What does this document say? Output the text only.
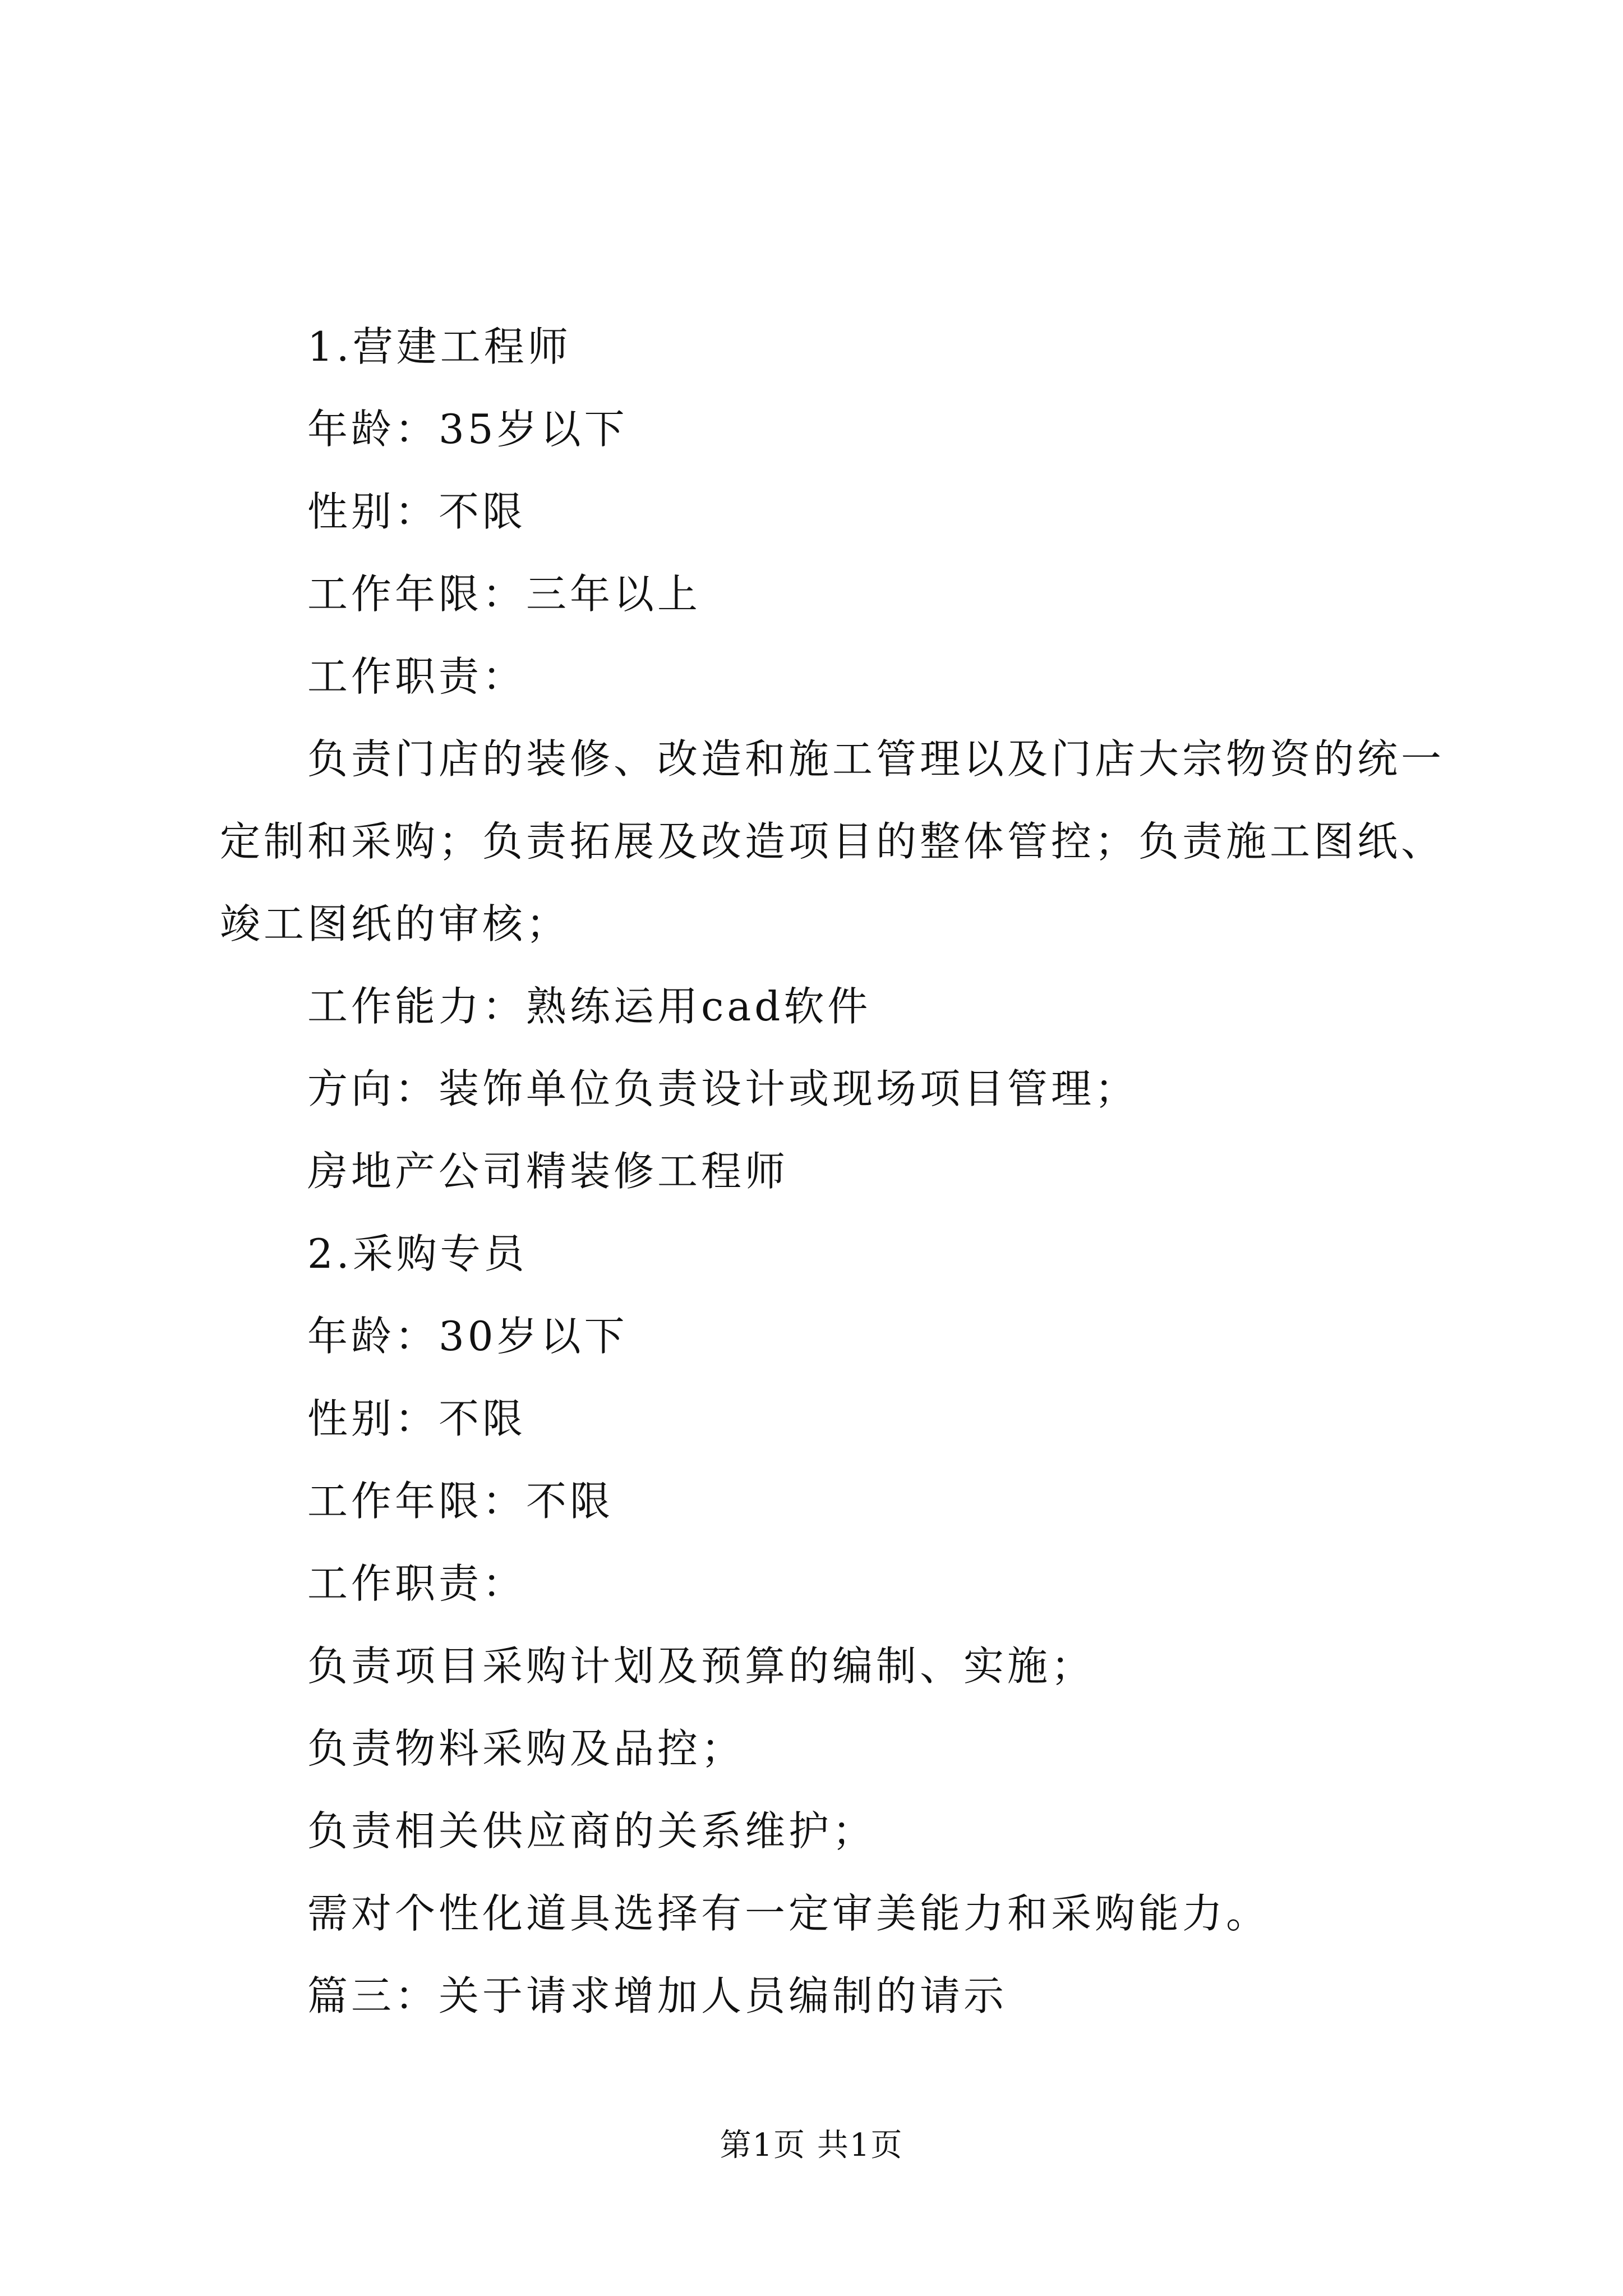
1.营建工程师
年龄：35岁以下
性别：不限
工作年限：三年以上
工作职责：
负责门店的装修、改造和施工管理以及门店大宗物资的统一
定制和采购；负责拓展及改造项目的整体管控；负责施工图纸、
竣工图纸的审核；
工作能力：熟练运用cad软件
方向：装饰单位负责设计或现场项目管理；
房地产公司精装修工程师
2.采购专员
年龄：30岁以下
性别：不限
工作年限：不限
工作职责：
负责项目采购计划及预算的编制、实施；
负责物料采购及品控；
负责相关供应商的关系维护；
需对个性化道具选择有一定审美能力和采购能力。
篇三：关于请求增加人员编制的请示
第1页 共1页
